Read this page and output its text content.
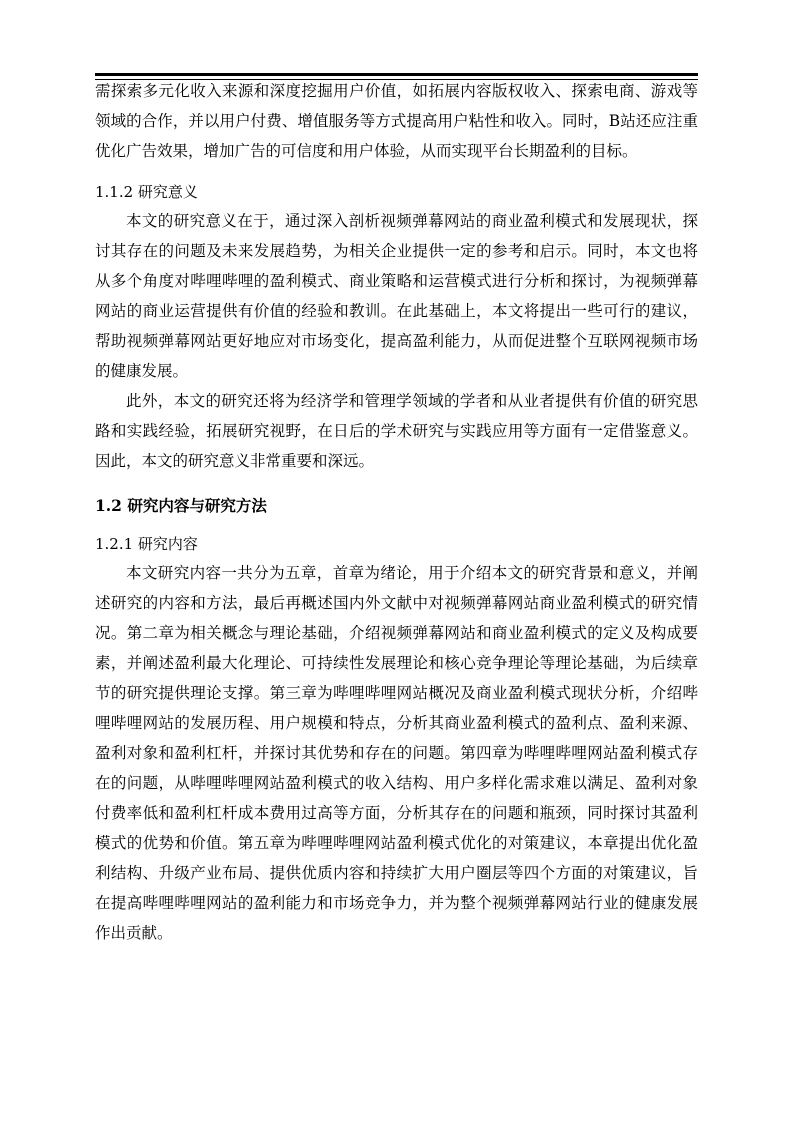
需探索多元化收入来源和深度挖掘用户价值，如拓展内容版权收入、探索电商、游戏等领域的合作，并以用户付费、增值服务等方式提高用户粘性和收入。同时，B站还应注重优化广告效果，增加广告的可信度和用户体验，从而实现平台长期盈利的目标。

1.1.2 研究意义

本文的研究意义在于，通过深入剖析视频弹幕网站的商业盈利模式和发展现状，探讨其存在的问题及未来发展趋势，为相关企业提供一定的参考和启示。同时，本文也将从多个角度对哔哩哔哩的盈利模式、商业策略和运营模式进行分析和探讨，为视频弹幕网站的商业运营提供有价值的经验和教训。在此基础上，本文将提出一些可行的建议，帮助视频弹幕网站更好地应对市场变化，提高盈利能力，从而促进整个互联网视频市场的健康发展。

此外，本文的研究还将为经济学和管理学领域的学者和从业者提供有价值的研究思路和实践经验，拓展研究视野，在日后的学术研究与实践应用等方面有一定借鉴意义。因此，本文的研究意义非常重要和深远。

1.2 研究内容与研究方法
1.2.1 研究内容

本文研究内容一共分为五章，首章为绪论，用于介绍本文的研究背景和意义，并阐述研究的内容和方法，最后再概述国内外文献中对视频弹幕网站商业盈利模式的研究情况。第二章为相关概念与理论基础，介绍视频弹幕网站和商业盈利模式的定义及构成要素，并阐述盈利最大化理论、可持续性发展理论和核心竞争理论等理论基础，为后续章节的研究提供理论支撑。第三章为哔哩哔哩网站概况及商业盈利模式现状分析，介绍哔哩哔哩网站的发展历程、用户规模和特点，分析其商业盈利模式的盈利点、盈利来源、盈利对象和盈利杠杆，并探讨其优势和存在的问题。第四章为哔哩哔哩网站盈利模式存在的问题，从哔哩哔哩网站盈利模式的收入结构、用户多样化需求难以满足、盈利对象付费率低和盈利杠杆成本费用过高等方面，分析其存在的问题和瓶颈，同时探讨其盈利模式的优势和价值。第五章为哔哩哔哩网站盈利模式优化的对策建议，本章提出优化盈利结构、升级产业布局、提供优质内容和持续扩大用户圈层等四个方面的对策建议，旨在提高哔哩哔哩网站的盈利能力和市场竞争力，并为整个视频弹幕网站行业的健康发展作出贡献。
